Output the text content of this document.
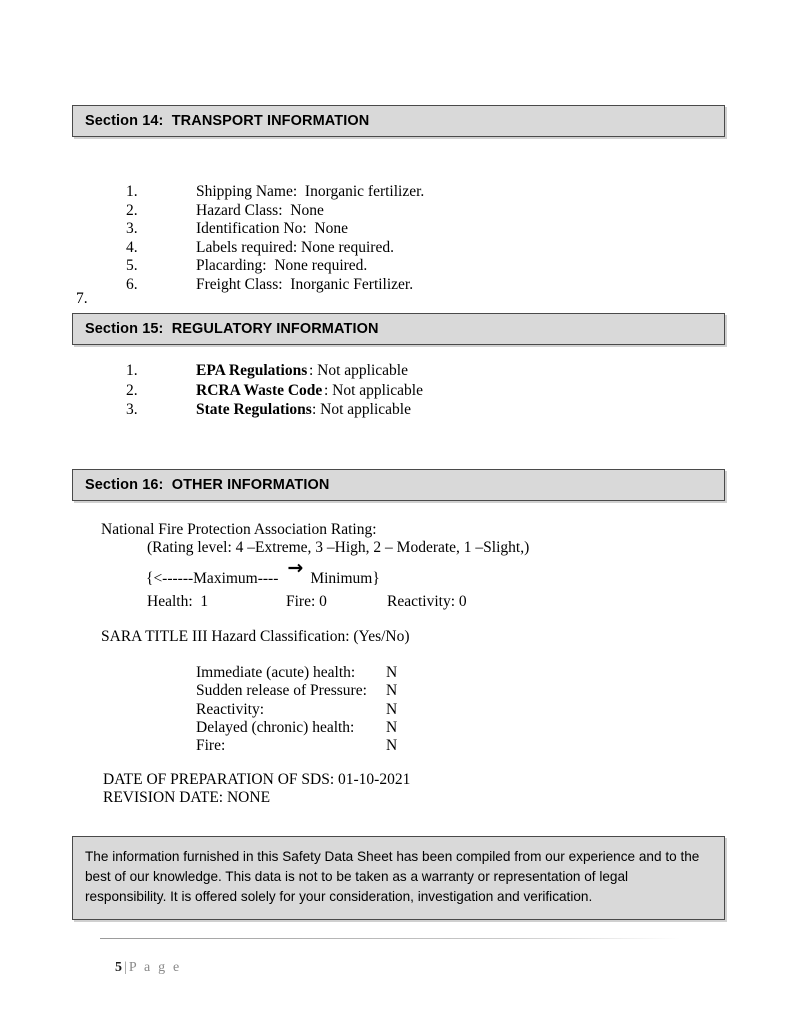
Section 14:  TRANSPORT INFORMATION
1.	Shipping Name:  Inorganic fertilizer.
2.	Hazard Class:  None
3.	Identification No:  None
4.	Labels required: None required.
5.	Placarding:  None required.
6.	Freight Class:  Inorganic Fertilizer.
7.
Section 15:  REGULATORY INFORMATION
1.	EPA Regulations : Not applicable
2.	RCRA Waste Code : Not applicable
3.	State Regulations : Not applicable
Section 16:  OTHER INFORMATION
National Fire Protection Association Rating:
(Rating level: 4 –Extreme, 3 –High, 2 – Moderate, 1 –Slight,)
{<------Maximum---- → Minimum}
Health:  1	Fire: 0	Reactivity: 0
SARA TITLE III Hazard Classification: (Yes/No)
Immediate (acute) health: N
Sudden release of Pressure: N
Reactivity:	N
Delayed (chronic) health: N
Fire:	N
DATE OF PREPARATION OF SDS: 01-10-2021
REVISION DATE: NONE

The information furnished in this Safety Data Sheet has been compiled from our experience and to the best of our knowledge. This data is not to be taken as a warranty or representation of legal responsibility. It is offered solely for your consideration, investigation and verification.

5 | P a g e
